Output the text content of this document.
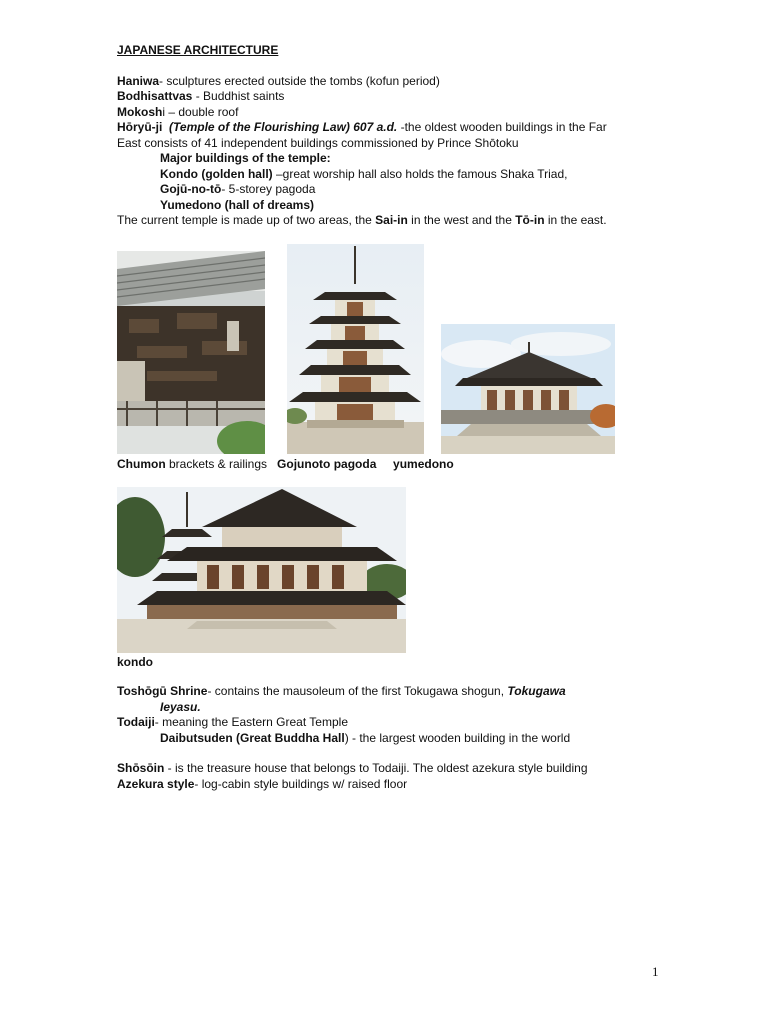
JAPANESE ARCHITECTURE
Haniwa- sculptures erected outside the tombs (kofun period)
Bodhisattvas - Buddhist saints
Mokoshi – double roof
Hōryū-ji (Temple of the Flourishing Law) 607 a.d. -the oldest wooden buildings in the Far
East consists of 41 independent buildings commissioned by Prince Shōtoku
Major buildings of the temple:
Kondo (golden hall) –great worship hall also holds the famous Shaka Triad,
Gojū-no-tō- 5-storey pagoda
Yumedono (hall of dreams)
The current temple is made up of two areas, the Sai-in in the west and the Tō-in in the east.
Chumon brackets & railings Gojunoto pagoda yumedono
kondo
Toshōgū Shrine- contains the mausoleum of the first Tokugawa shogun, Tokugawa
Ieyasu.
Todaiji- meaning the Eastern Great Temple
Daibutsuden (Great Buddha Hall) - the largest wooden building in the world
Shōsōin - is the treasure house that belongs to Todaiji. The oldest azekura style building
Azekura style- log-cabin style buildings w/ raised floor
1
